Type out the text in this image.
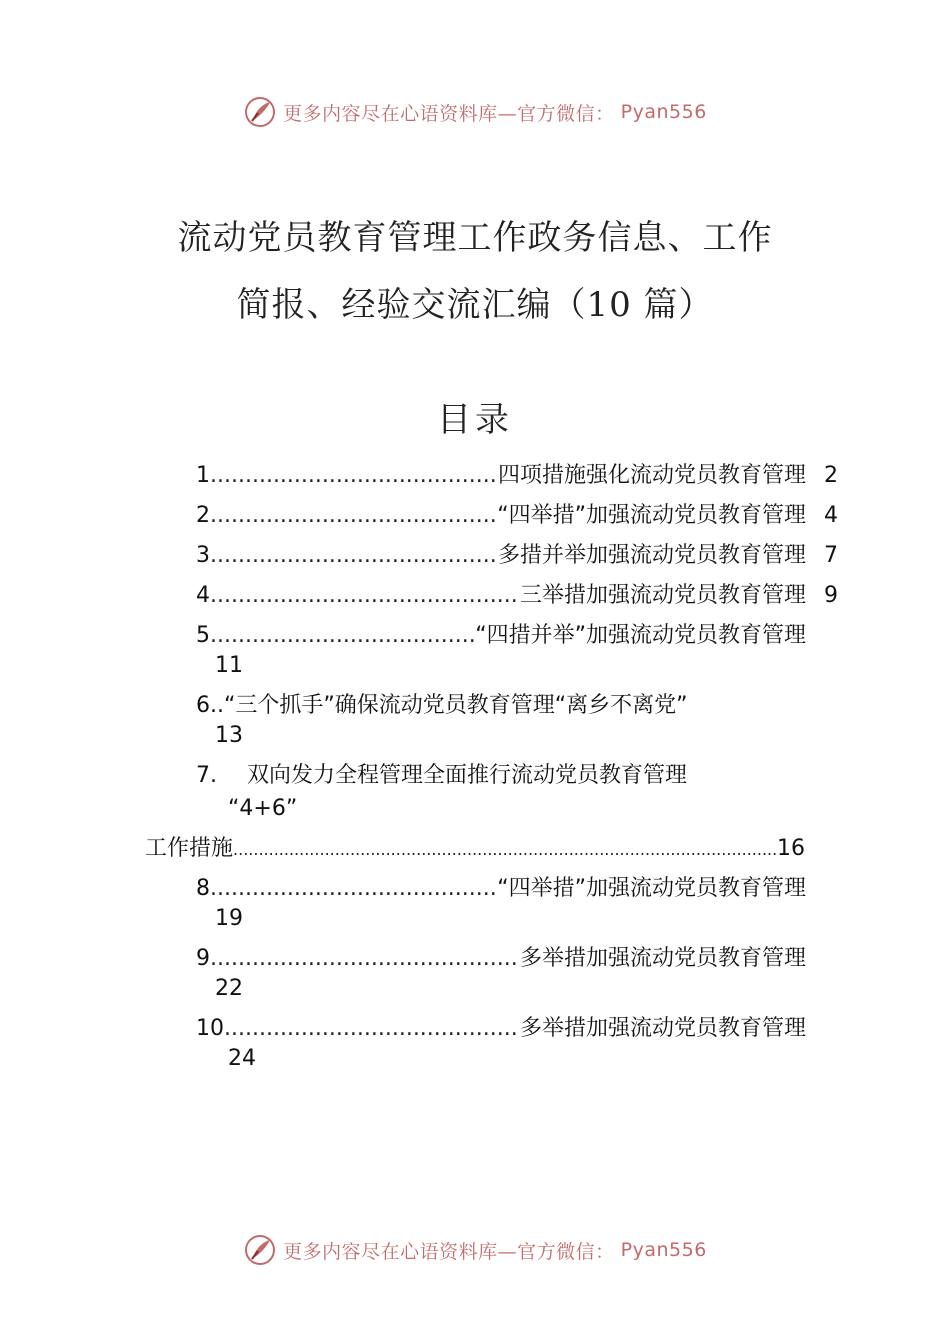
更多内容尽在心语资料库—官方微信： Pyan556
流动党员教育管理工作政务信息、工作
简报、经验交流汇编（10 篇）
目录
1 .....	四项措施强化流动党员教育管理 2
2 .....	“四举措”加强流动党员教育管理 4
3 .....	多措并举加强流动党员教育管理 7
4 .....	三举措加强流动党员教育管理 9
5 .....	“四措并举”加强流动党员教育管理
11
6..“三个抓手”确保流动党员教育管理“离乡不离党”
13
7. 双向发力全程管理全面推行流动党员教育管理
“4+6”
工作措施 .....	16
8 .....	“四举措”加强流动党员教育管理
19
9 .....	多举措加强流动党员教育管理
22
10 .....	多举措加强流动党员教育管理
24
更多内容尽在心语资料库—官方微信： Pyan556
